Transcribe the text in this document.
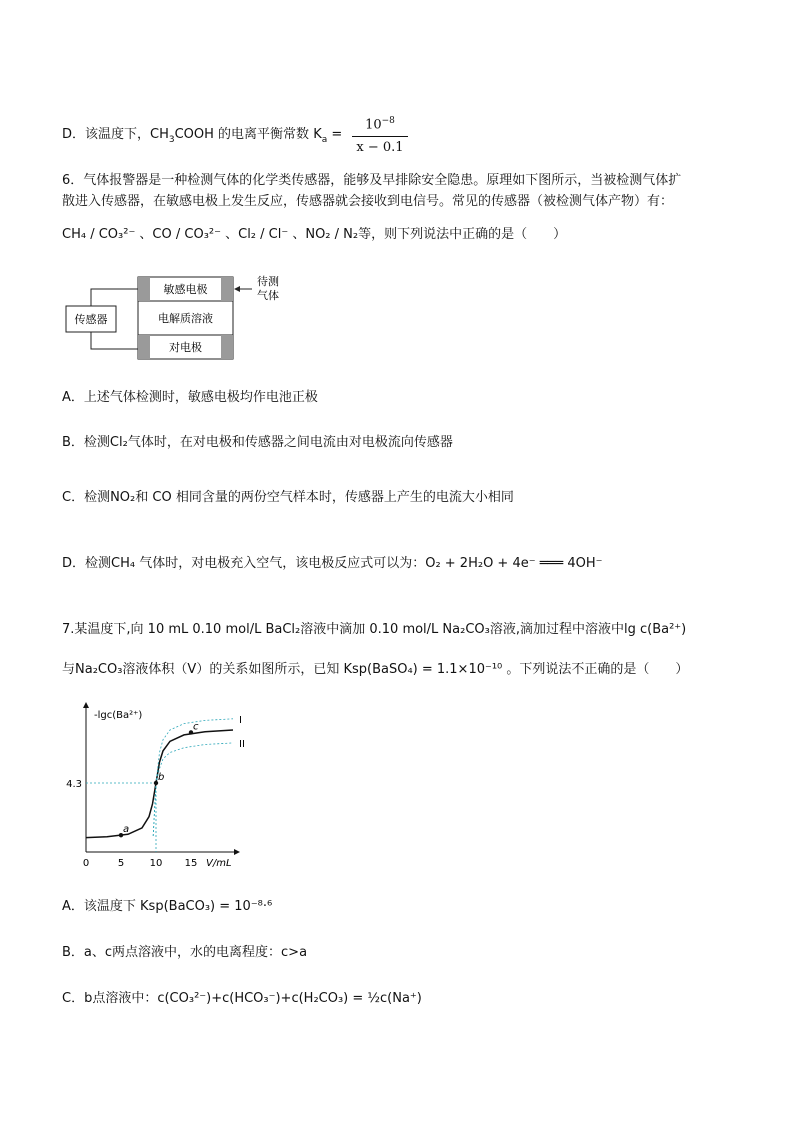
D．该温度下，$CH_3COOH$ 的电离平衡常数 $K_a = \frac{10^{-8}}{x - 0.1}$
6．气体报警器是一种检测气体的化学类传感器，能够及早排除安全隐患。原理如下图所示，当被检测气体扩
散进入传感器，在敏感电极上发生反应，传感器就会接收到电信号。常见的传感器（被检测气体产物）有：
CH₄ / CO₃²⁻ 、CO / CO₃²⁻ 、Cl₂ / Cl⁻ 、NO₂ / N₂等，则下列说法中正确的是（　　）
传感器
敏感电极
电解质溶液
对电极
待测
气体
A．上述气体检测时，敏感电极均作电池正极
B．检测Cl₂气体时，在对电极和传感器之间电流由对电极流向传感器
C．检测NO₂和 CO 相同含量的两份空气样本时，传感器上产生的电流大小相同
D．检测CH₄ 气体时，对电极充入空气，该电极反应式可以为：O₂ + 2H₂O + 4e⁻ ═══ 4OH⁻
7.某温度下,向 10 mL 0.10 mol/L BaCl₂溶液中滴加 0.10 mol/L Na₂CO₃溶液,滴加过程中溶液中lg c(Ba²⁺)
与Na₂CO₃溶液体积（V）的关系如图所示，已知 Ksp(BaSO₄) = 1.1×10⁻¹⁰ 。下列说法不正确的是（　　）
-lgc(Ba²⁺)
V/mL
0	5	10 15
4.3
I
II
a
b
c
A．该温度下 Ksp(BaCO₃) = 10⁻⁸·⁶
B．a、c两点溶液中，水的电离程度：c>a
C．b点溶液中：c(CO₃²⁻)+c(HCO₃⁻)+c(H₂CO₃) = ½c(Na⁺)
